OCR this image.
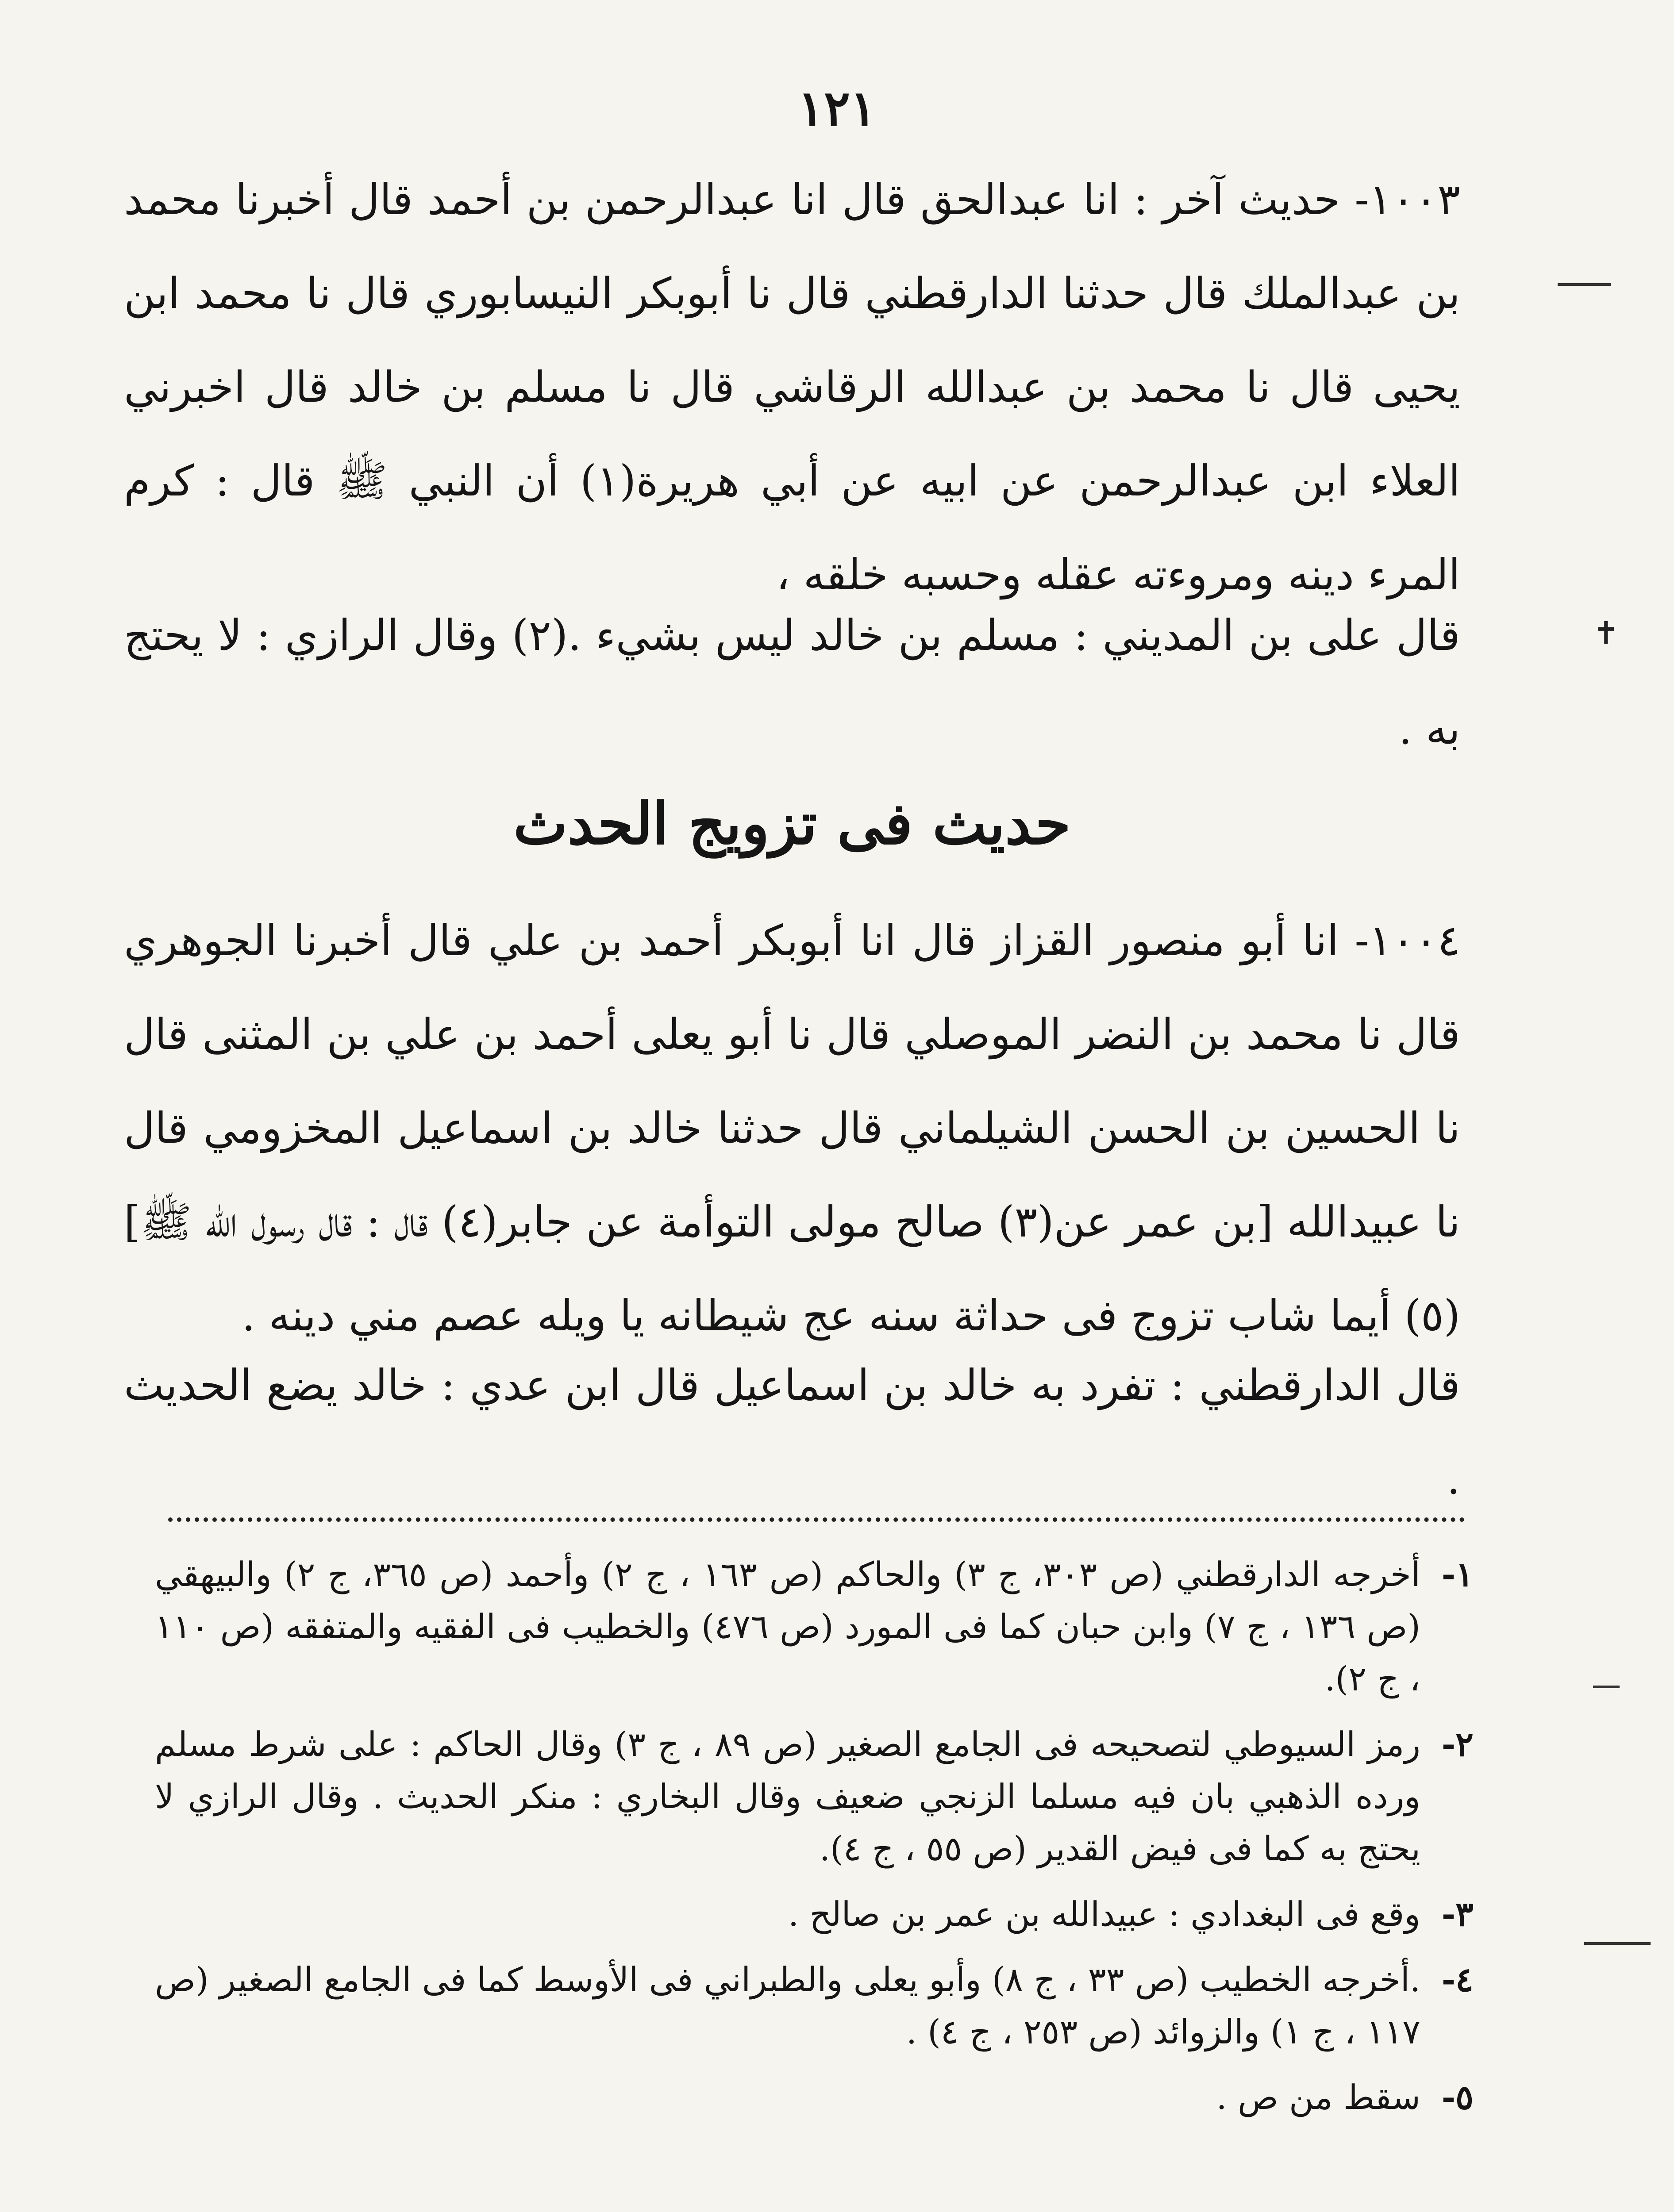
١٢١

١٠٠٣- حديث آخر : انا عبدالحق قال انا عبدالرحمن بن أحمد قال أخبرنا محمد بن عبدالملك قال حدثنا الدارقطني قال نا أبوبكر النيسابوري قال نا محمد ابن يحيى قال نا محمد بن عبدالله الرقاشي قال نا مسلم بن خالد قال اخبرني العلاء ابن عبدالرحمن عن ابيه عن أبي هريرة(١) أن النبي ﷺ قال : كرم المرء دينه ومروءته عقله وحسبه خلقه ،

قال على بن المديني : مسلم بن خالد ليس بشيء .(٢) وقال الرازي : لا يحتج به .

حديث فى تزويج الحدث

١٠٠٤- انا أبو منصور القزاز قال انا أبوبكر أحمد بن علي قال أخبرنا الجوهري قال نا محمد بن النضر الموصلي قال نا أبو يعلى أحمد بن علي بن المثنى قال نا الحسين بن الحسن الشيلماني قال حدثنا خالد بن اسماعيل المخزومي قال نا عبيدالله [بن عمر عن(٣) صالح مولى التوأمة عن جابر(٤) قال : قال رسول الله ﷺ](٥) أيما شاب تزوج فى حداثة سنه عج شيطانه يا ويله عصم مني دينه .

قال الدارقطني : تفرد به خالد بن اسماعيل قال ابن عدي : خالد يضع الحديث .

١-
أخرجه الدارقطني (ص ٣٠٣، ج ٣) والحاكم (ص ١٦٣ ، ج ٢) وأحمد (ص ٣٦٥، ج ٢) والبيهقي (ص ١٣٦ ، ج ٧) وابن حبان كما فى المورد (ص ٤٧٦) والخطيب فى الفقيه والمتفقه (ص ١١٠ ، ج ٢).
٢-
رمز السيوطي لتصحيحه فى الجامع الصغير (ص ٨٩ ، ج ٣) وقال الحاكم : على شرط مسلم ورده الذهبي بان فيه مسلما الزنجي ضعيف وقال البخاري : منكر الحديث . وقال الرازي لا يحتج به كما فى فيض القدير (ص ٥٥ ، ج ٤).
٣-
وقع فى البغدادي : عبيدالله بن عمر بن صالح .
٤-
.أخرجه الخطيب (ص ٣٣ ، ج ٨) وأبو يعلى والطبراني فى الأوسط كما فى الجامع الصغير (ص ١١٧ ، ج ١) والزوائد (ص ٢٥٣ ، ج ٤) .
٥-
سقط من ص .
✝
